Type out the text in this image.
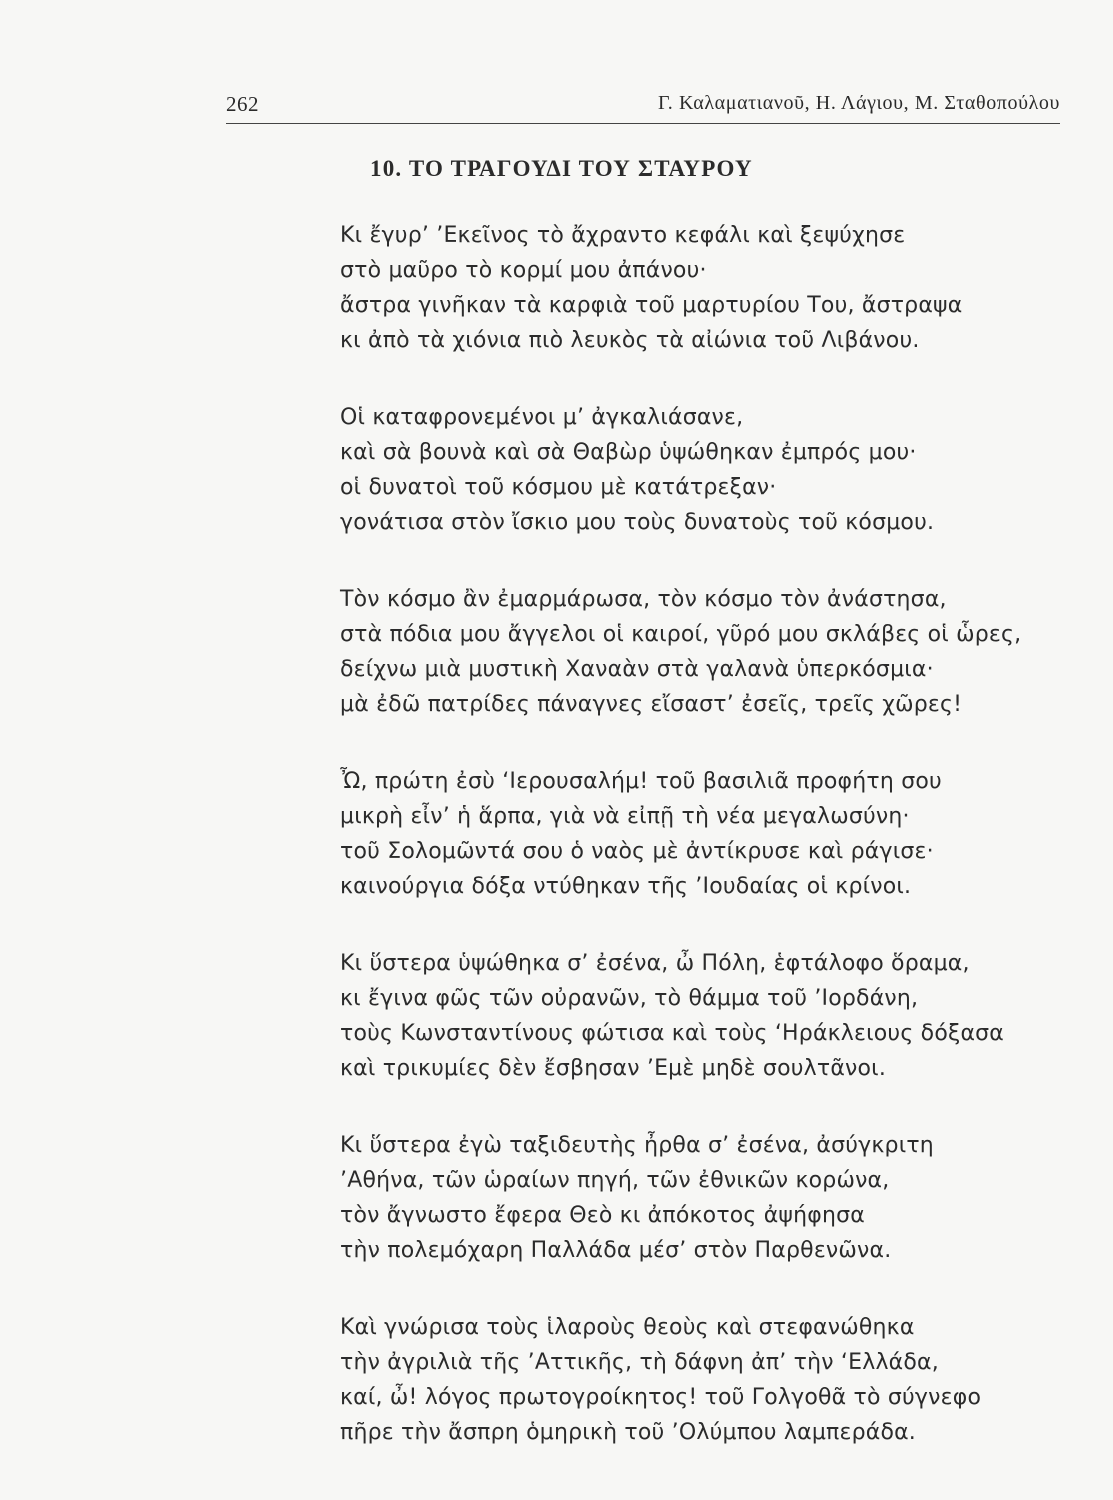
262	Γ. Καλαματιανοῦ, Η. Λάγιου, Μ. Σταθοπούλου
10. ΤΟ ΤΡΑΓΟΥΔΙ ΤΟΥ ΣΤΑΥΡΟΥ
Κι ἔγυρ’ ’Εκεῖνος τὸ ἄχραντο κεφάλι καὶ ξεψύχησε
στὸ μαῦρο τὸ κορμί μου ἀπάνου·
ἄστρα γινῆκαν τὰ καρφιὰ τοῦ μαρτυρίου Του, ἄστραψα
κι ἀπὸ τὰ χιόνια πιὸ λευκὸς τὰ αἰώνια τοῦ Λιβάνου.
Οἱ καταφρονεμένοι μ’ ἀγκαλιάσανε,
καὶ σὰ βουνὰ καὶ σὰ Θαβὼρ ὑψώθηκαν ἐμπρός μου·
οἱ δυνατοὶ τοῦ κόσμου μὲ κατάτρεξαν·
γονάτισα στὸν ἴσκιο μου τοὺς δυνατοὺς τοῦ κόσμου.
Τὸν κόσμο ἂν ἐμαρμάρωσα, τὸν κόσμο τὸν ἀνάστησα,
στὰ πόδια μου ἄγγελοι οἱ καιροί, γῦρό μου σκλάβες οἱ ὧρες,
δείχνω μιὰ μυστικὴ Χαναὰν στὰ γαλανὰ ὑπερκόσμια·
μὰ ἐδῶ πατρίδες πάναγνες εἴσαστ’ ἐσεῖς, τρεῖς χῶρες!
Ὦ, πρώτη ἐσὺ ‘Ιερουσαλήμ! τοῦ βασιλιᾶ προφήτη σου
μικρὴ εἶν’ ἡ ἅρπα, γιὰ νὰ εἰπῇ τὴ νέα μεγαλωσύνη·
τοῦ Σολομῶντά σου ὁ ναὸς μὲ ἀντίκρυσε καὶ ράγισε·
καινούργια δόξα ντύθηκαν τῆς ’Ιουδαίας οἱ κρίνοι.
Κι ὕστερα ὑψώθηκα σ’ ἐσένα, ὦ Πόλη, ἑφτάλοφο ὅραμα,
κι ἔγινα φῶς τῶν οὐρανῶν, τὸ θάμμα τοῦ ’Ιορδάνη,
τοὺς Κωνσταντίνους φώτισα καὶ τοὺς ‘Ηράκλειους δόξασα
καὶ τρικυμίες δὲν ἔσβησαν ’Εμὲ μηδὲ σουλτᾶνοι.
Κι ὕστερα ἐγὼ ταξιδευτὴς ἦρθα σ’ ἐσένα, ἀσύγκριτη
’Αθήνα, τῶν ὡραίων πηγή, τῶν ἐθνικῶν κορώνα,
τὸν ἄγνωστο ἔφερα Θεὸ κι ἀπόκοτος ἀψήφησα
τὴν πολεμόχαρη Παλλάδα μέσ’ στὸν Παρθενῶνα.
Καὶ γνώρισα τοὺς ἱλαροὺς θεοὺς καὶ στεφανώθηκα
τὴν ἀγριλιὰ τῆς ’Αττικῆς, τὴ δάφνη ἀπ’ τὴν ‘Ελλάδα,
καί, ὦ! λόγος πρωτογροίκητος! τοῦ Γολγοθᾶ τὸ σύγνεφο
πῆρε τὴν ἄσπρη ὁμηρικὴ τοῦ ’Ολύμπου λαμπεράδα.
